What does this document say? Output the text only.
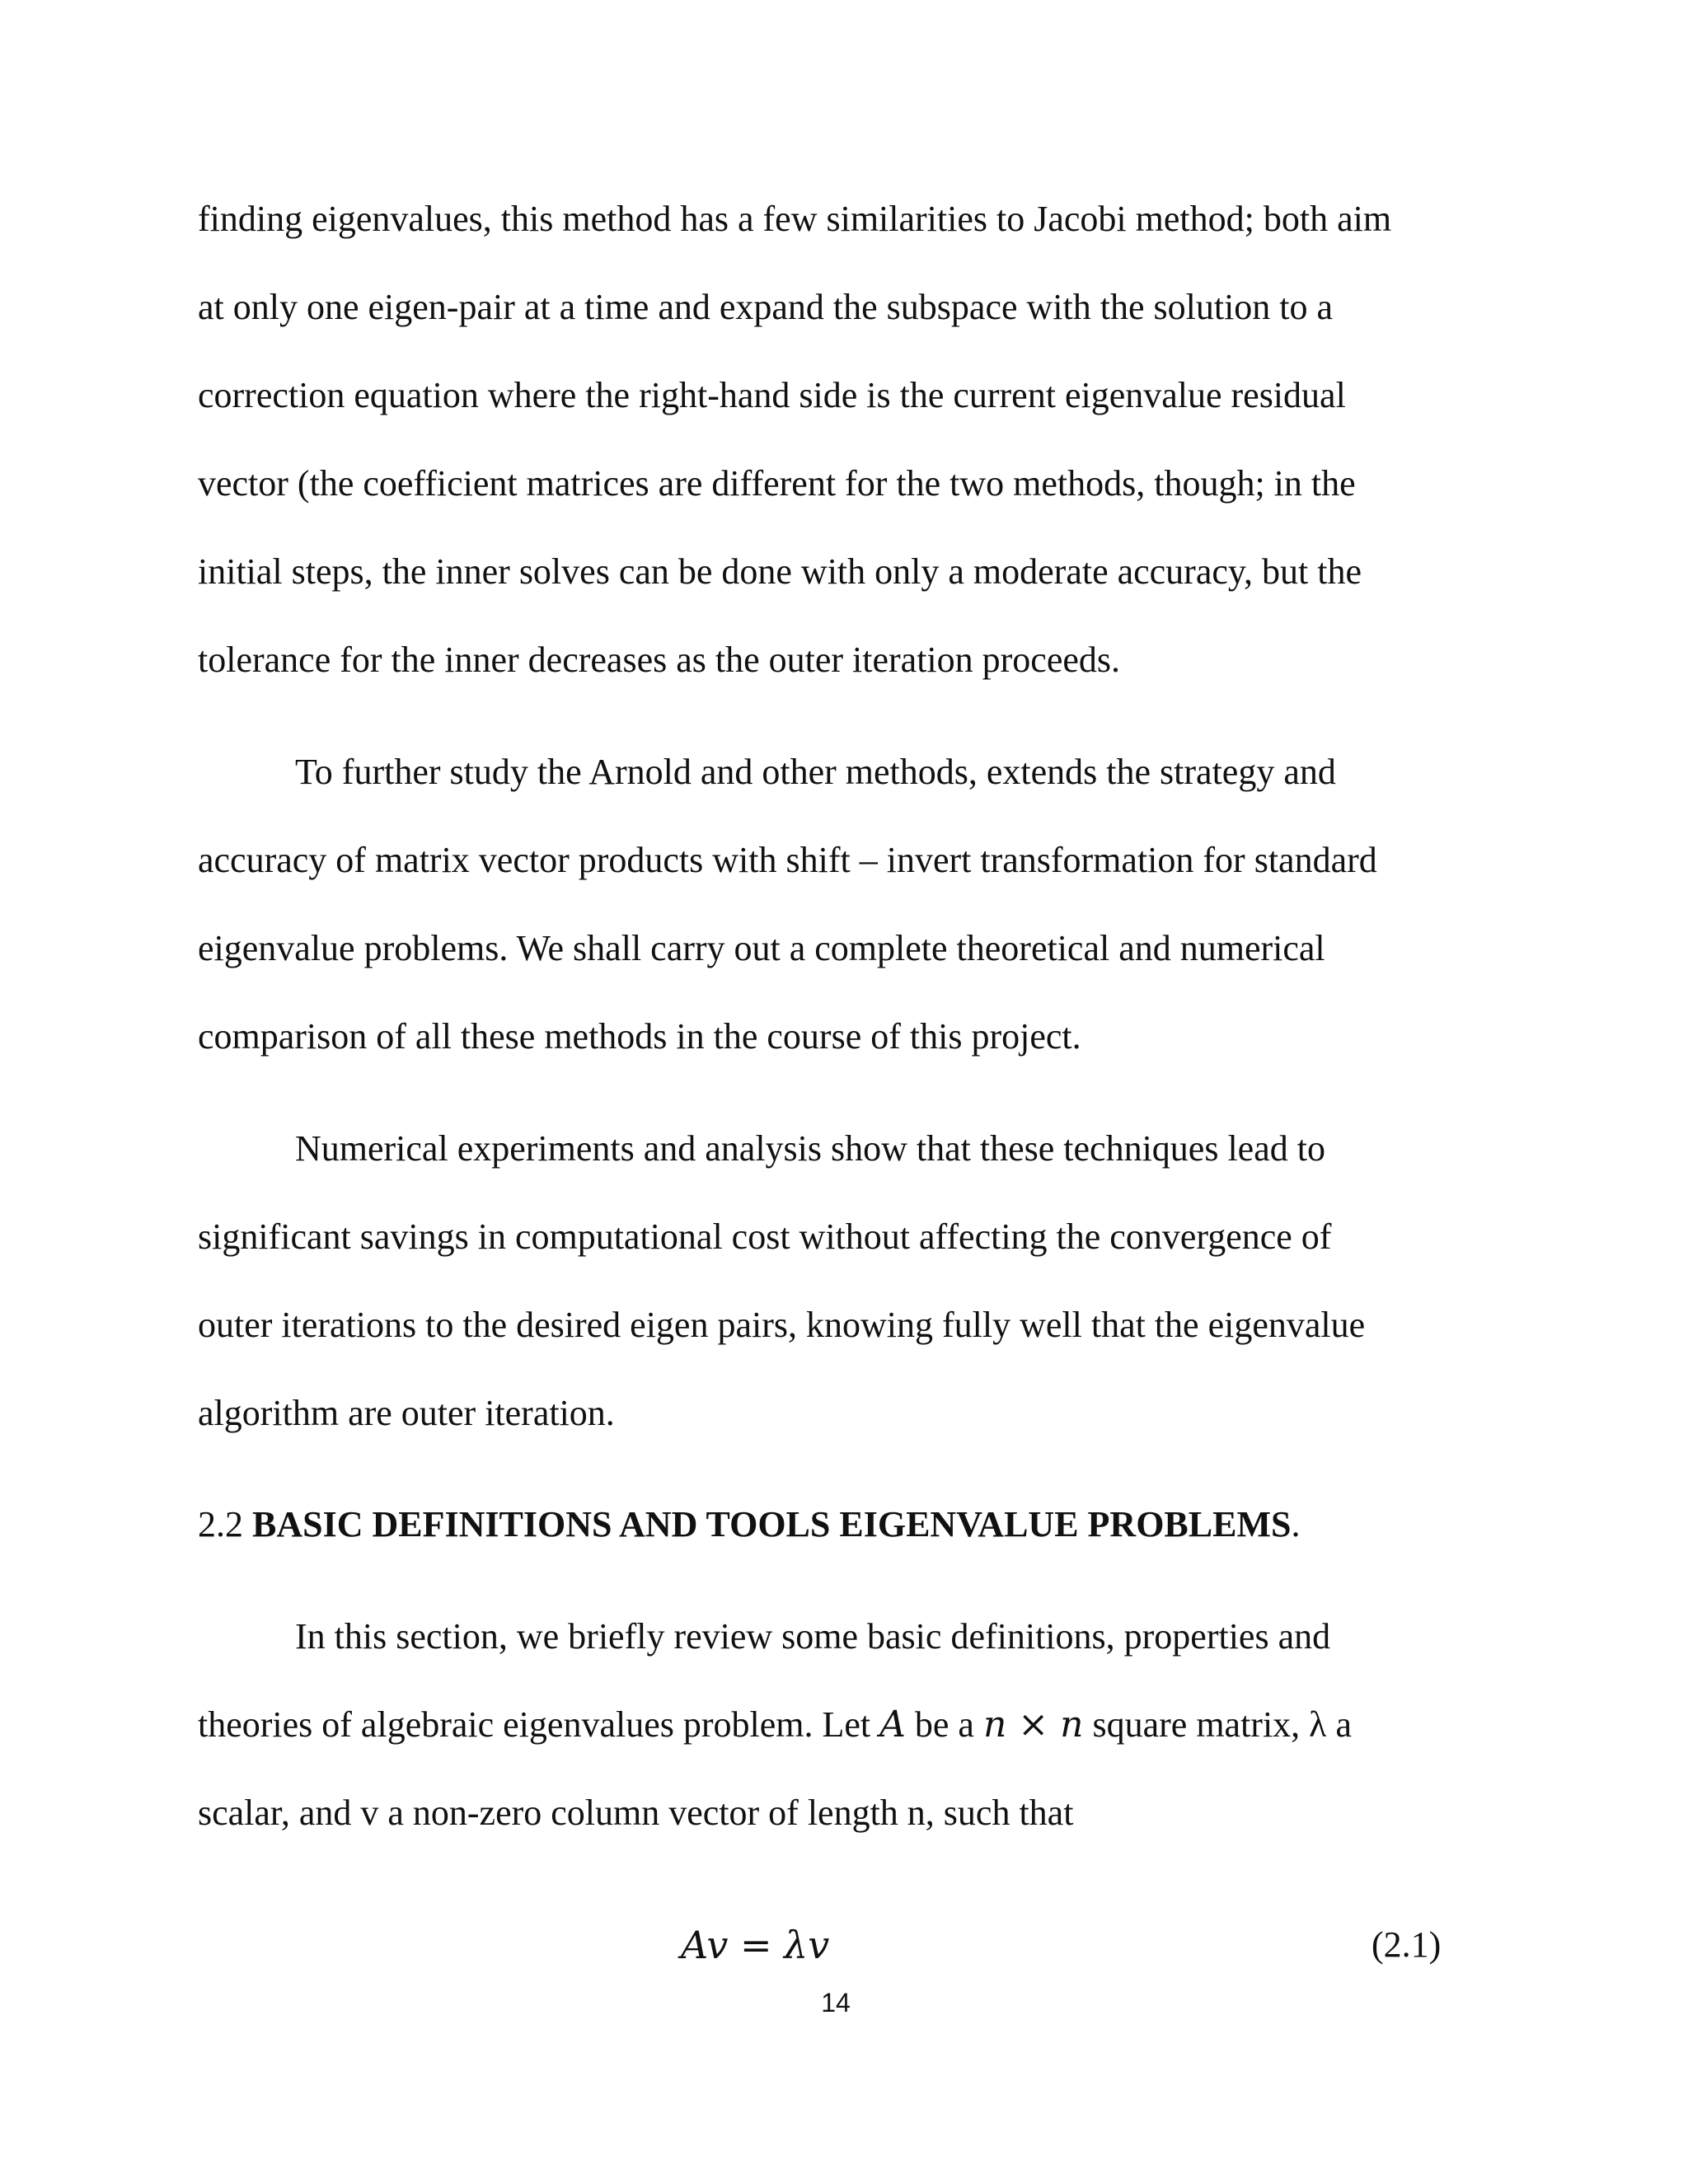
finding eigenvalues, this method has a few similarities to Jacobi method; both aim
at only one eigen-pair at a time and expand the subspace with the solution to a
correction equation where the right-hand side is the current eigenvalue residual
vector (the coefficient matrices are different for the two methods, though; in the
initial steps, the inner solves can be done with only a moderate accuracy, but the
tolerance for the inner decreases as the outer iteration proceeds.
To further study the Arnold and other methods, extends the strategy and
accuracy of matrix vector products with shift – invert transformation for standard
eigenvalue problems. We shall carry out a complete theoretical and numerical
comparison of all these methods in the course of this project.
Numerical experiments and analysis show that these techniques lead to
significant savings in computational cost without affecting the convergence of
outer iterations to the desired eigen pairs, knowing fully well that the eigenvalue
algorithm are outer iteration.
2.2 BASIC DEFINITIONS AND TOOLS EIGENVALUE PROBLEMS.
In this section, we briefly review some basic definitions, properties and
theories of algebraic eigenvalues problem. Let A be a n × n square matrix, λ a
scalar, and v a non-zero column vector of length n, such that
Av = λv	(2.1)
14
